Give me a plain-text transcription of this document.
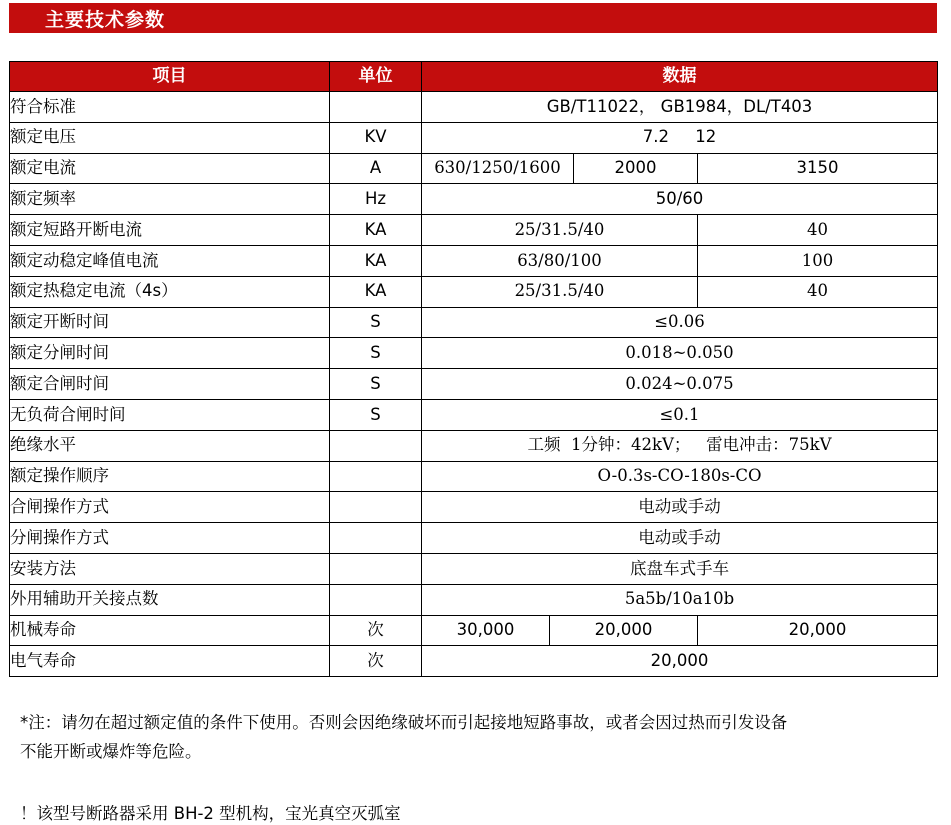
主要技术参数
项目	单位	数据				
符合标准		GB/T11022， GB1984，DL/T403				
额定电压	KV	7.2     12				
额定电流	A	630/1250/1600		2000	3150	
额定频率	Hz	50/60				
额定短路开断电流	KA	25/31.5/40			40	
额定动稳定峰值电流	KA	63/80/100			100	
额定热稳定电流（4s）	KA	25/31.5/40			40	
额定开断时间	S	≤0.06				
额定分闸时间	S	0.018~0.050				
额定合闸时间	S	0.024~0.075				
无负荷合闸时间	S	≤0.1				
绝缘水平		工频  1分钟：42kV；   雷电冲击：75kV				
额定操作顺序		O-0.3s-CO-180s-CO				
合闸操作方式		电动或手动				
分闸操作方式		电动或手动				
安装方法		底盘车式手车				
外用辅助开关接点数		5a5b/10a10b				
机械寿命	次	30,000	20,000		20,000	
电气寿命	次	20,000				
*注：请勿在超过额定值的条件下使用。否则会因绝缘破坏而引起接地短路事故，或者会因过热而引发设备
不能开断或爆炸等危险。
！该型号断路器采用 BH-2 型机构，宝光真空灭弧室
